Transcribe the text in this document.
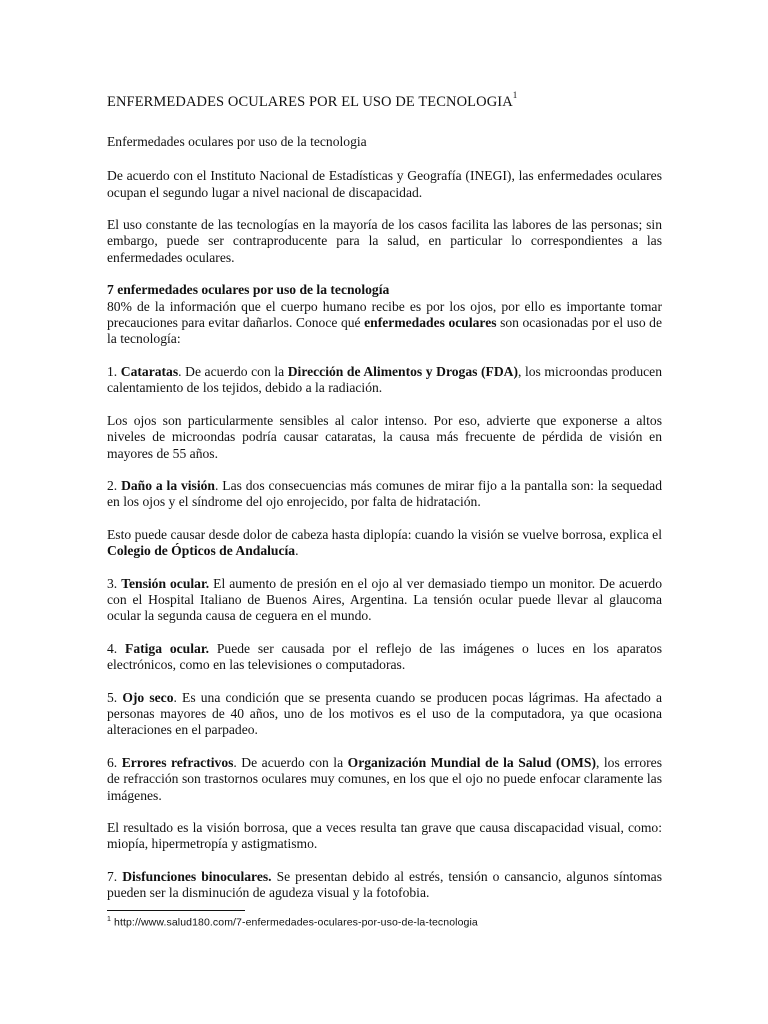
ENFERMEDADES OCULARES POR EL USO DE TECNOLOGIA$^1$

Enfermedades oculares por uso de la tecnologia

De acuerdo con el Instituto Nacional de Estadísticas y Geografía (INEGI), las enfermedades oculares ocupan el segundo lugar a nivel nacional de discapacidad.

El uso constante de las tecnologías en la mayoría de los casos facilita las labores de las personas; sin embargo, puede ser contraproducente para la salud, en particular lo correspondientes a las enfermedades oculares.

7 enfermedades oculares por uso de la tecnología
80% de la información que el cuerpo humano recibe es por los ojos, por ello es importante tomar precauciones para evitar dañarlos. Conoce qué enfermedades oculares son ocasionadas por el uso de la tecnología:

1. Cataratas. De acuerdo con la Dirección de Alimentos y Drogas (FDA), los microondas producen calentamiento de los tejidos, debido a la radiación.

Los ojos son particularmente sensibles al calor intenso. Por eso, advierte que exponerse a altos niveles de microondas podría causar cataratas, la causa más frecuente de pérdida de visión en mayores de 55 años.

2. Daño a la visión. Las dos consecuencias más comunes de mirar fijo a la pantalla son: la sequedad en los ojos y el síndrome del ojo enrojecido, por falta de hidratación.

Esto puede causar desde dolor de cabeza hasta diplopía: cuando la visión se vuelve borrosa, explica el Colegio de Ópticos de Andalucía.

3. Tensión ocular. El aumento de presión en el ojo al ver demasiado tiempo un monitor. De acuerdo con el Hospital Italiano de Buenos Aires, Argentina. La tensión ocular puede llevar al glaucoma ocular la segunda causa de ceguera en el mundo.

4. Fatiga ocular. Puede ser causada por el reflejo de las imágenes o luces en los aparatos electrónicos, como en las televisiones o computadoras.

5. Ojo seco. Es una condición que se presenta cuando se producen pocas lágrimas. Ha afectado a personas mayores de 40 años, uno de los motivos es el uso de la computadora, ya que ocasiona alteraciones en el parpadeo.

6. Errores refractivos. De acuerdo con la Organización Mundial de la Salud (OMS), los errores de refracción son trastornos oculares muy comunes, en los que el ojo no puede enfocar claramente las imágenes.

El resultado es la visión borrosa, que a veces resulta tan grave que causa discapacidad visual, como: miopía, hipermetropía y astigmatismo.

7. Disfunciones binoculares. Se presentan debido al estrés, tensión o cansancio, algunos síntomas pueden ser la disminución de agudeza visual y la fotofobia.

$^1$ http://www.salud180.com/7-enfermedades-oculares-por-uso-de-la-tecnologia
